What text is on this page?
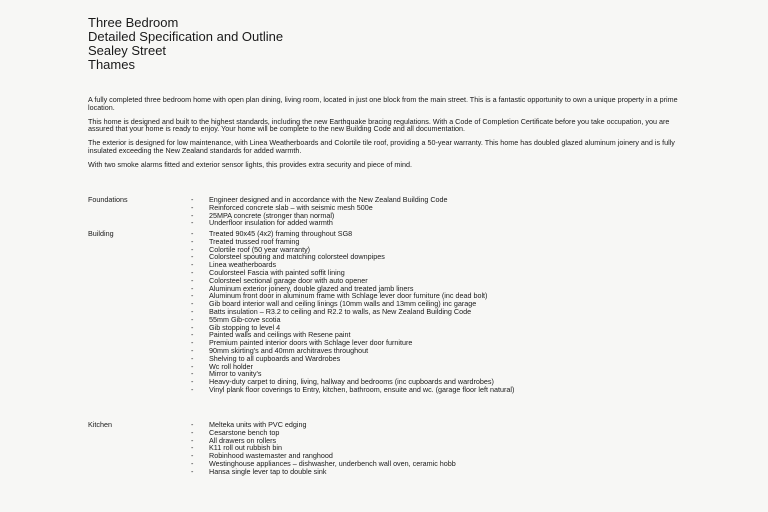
Three Bedroom
Detailed Specification and Outline
Sealey Street
Thames

A fully completed three bedroom home with open plan dining, living room, located in just one block from the main street. This is a fantastic opportunity to own a unique property in a prime location.

This home is designed and built to the highest standards, including the new Earthquake bracing regulations. With a Code of Completion Certificate before you take occupation, you are assured that your home is ready to enjoy. Your home will be complete to the new Building Code and all documentation.

The exterior is designed for low maintenance, with Linea Weatherboards and Colortile tile roof, providing a 50-year warranty. This home has doubled glazed aluminum joinery and is fully insulated exceeding the New Zealand standards for added warmth.

With two smoke alarms fitted and exterior sensor lights, this provides extra security and piece of mind.

Foundations	- Engineer designed and in accordance with the New Zealand Building Code
- Reinforced concrete slab – with seismic mesh 500e
- 25MPA concrete (stronger than normal)
- Underfloor insulation for added warmth
Building	- Treated 90x45 (4x2) framing throughout SG8
- Treated trussed roof framing
- Colortile roof (50 year warranty)
- Colorsteel spouting and matching colorsteel downpipes
- Linea weatherboards
- Coulorsteel Fascia with painted soffit lining
- Colorsteel sectional garage door with auto opener
- Aluminum exterior joinery, double glazed and treated jamb liners
- Aluminum front door in aluminum frame with Schlage lever door furniture (inc dead bolt)
- Gib board interior wall and ceiling linings (10mm walls and 13mm ceiling) inc garage
- Batts insulation – R3.2 to ceiling and R2.2 to walls, as New Zealand Building Code
- 55mm Gib-cove scotia
- Gib stopping to level 4
- Painted walls and ceilings with Resene paint
- Premium painted interior doors with Schlage lever door furniture
- 90mm skirting's and 40mm architraves throughout
- Shelving to all cupboards and Wardrobes
- Wc roll holder
- Mirror to vanity's
- Heavy-duty carpet to dining, living, hallway and bedrooms (inc cupboards and wardrobes)
- Vinyl plank floor coverings to Entry, kitchen, bathroom, ensuite and wc. (garage floor left natural)
Kitchen	- Melteka units with PVC edging
- Cesarstone bench top
- All drawers on rollers
- K11 roll out rubbish bin
- Robinhood wastemaster and ranghood
- Westinghouse appliances – dishwasher, underbench wall oven, ceramic hobb
- Hansa single lever tap to double sink
